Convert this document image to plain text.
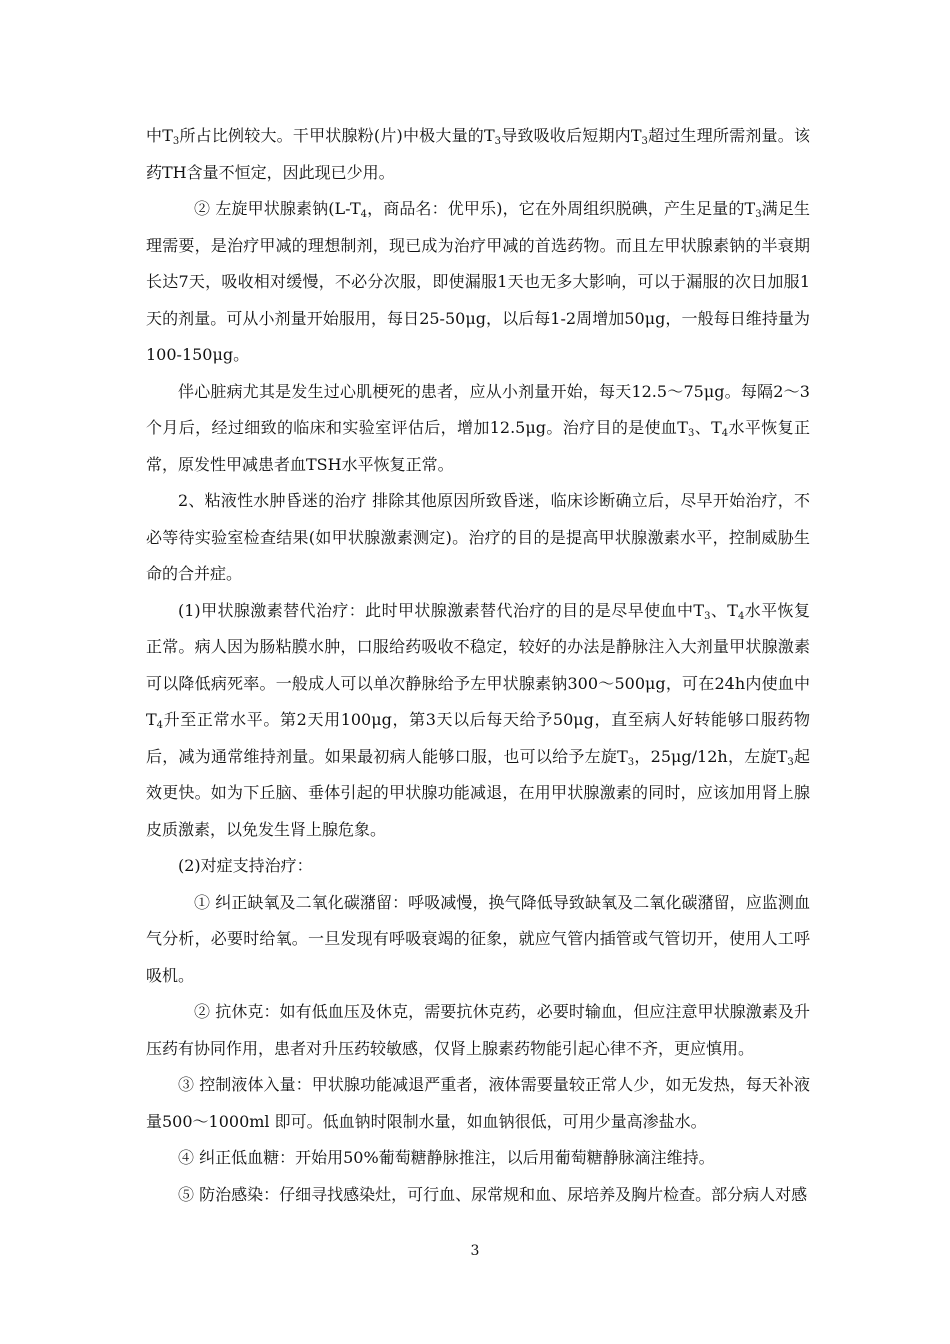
中$T_3$所占比例较大。干甲状腺粉(片)中极大量的$T_3$导致吸收后短期内$T_3$超过生理所需剂量。该药TH含量不恒定，因此现已少用。

② 左旋甲状腺素钠($L-T_4$，商品名：优甲乐)，它在外周组织脱碘，产生足量的$T_3$满足生理需要，是治疗甲减的理想制剂，现已成为治疗甲减的首选药物。而且左甲状腺素钠的半衰期长达7天，吸收相对缓慢，不必分次服，即使漏服1天也无多大影响，可以于漏服的次日加服1天的剂量。可从小剂量开始服用，每日25-50μg，以后每1-2周增加50μg，一般每日维持量为100-150μg。

伴心脏病尤其是发生过心肌梗死的患者，应从小剂量开始，每天12.5～75μg。每隔2～3个月后，经过细致的临床和实验室评估后，增加12.5μg。治疗目的是使血$T_3$、$T_4$水平恢复正常，原发性甲减患者血TSH水平恢复正常。

2、粘液性水肿昏迷的治疗 排除其他原因所致昏迷，临床诊断确立后，尽早开始治疗，不必等待实验室检查结果(如甲状腺激素测定)。治疗的目的是提高甲状腺激素水平，控制威胁生命的合并症。

(1)甲状腺激素替代治疗：此时甲状腺激素替代治疗的目的是尽早使血中$T_3$、$T_4$水平恢复正常。病人因为肠粘膜水肿，口服给药吸收不稳定，较好的办法是静脉注入大剂量甲状腺激素可以降低病死率。一般成人可以单次静脉给予左甲状腺素钠300～500μg，可在24h内使血中$T_4$升至正常水平。第2天用100μg，第3天以后每天给予50μg，直至病人好转能够口服药物后，减为通常维持剂量。如果最初病人能够口服，也可以给予左旋$T_3$，25μg/12h，左旋$T_3$起效更快。如为下丘脑、垂体引起的甲状腺功能减退，在用甲状腺激素的同时，应该加用肾上腺皮质激素，以免发生肾上腺危象。

(2)对症支持治疗：

① 纠正缺氧及二氧化碳潴留：呼吸减慢，换气降低导致缺氧及二氧化碳潴留，应监测血气分析，必要时给氧。一旦发现有呼吸衰竭的征象，就应气管内插管或气管切开，使用人工呼吸机。

② 抗休克：如有低血压及休克，需要抗休克药，必要时输血，但应注意甲状腺激素及升压药有协同作用，患者对升压药较敏感，仅肾上腺素药物能引起心律不齐，更应慎用。

③ 控制液体入量：甲状腺功能减退严重者，液体需要量较正常人少，如无发热，每天补液量500～1000ml 即可。低血钠时限制水量，如血钠很低，可用少量高渗盐水。

④ 纠正低血糖：开始用50%葡萄糖静脉推注，以后用葡萄糖静脉滴注维持。

⑤ 防治感染：仔细寻找感染灶，可行血、尿常规和血、尿培养及胸片检查。部分病人对感

3
